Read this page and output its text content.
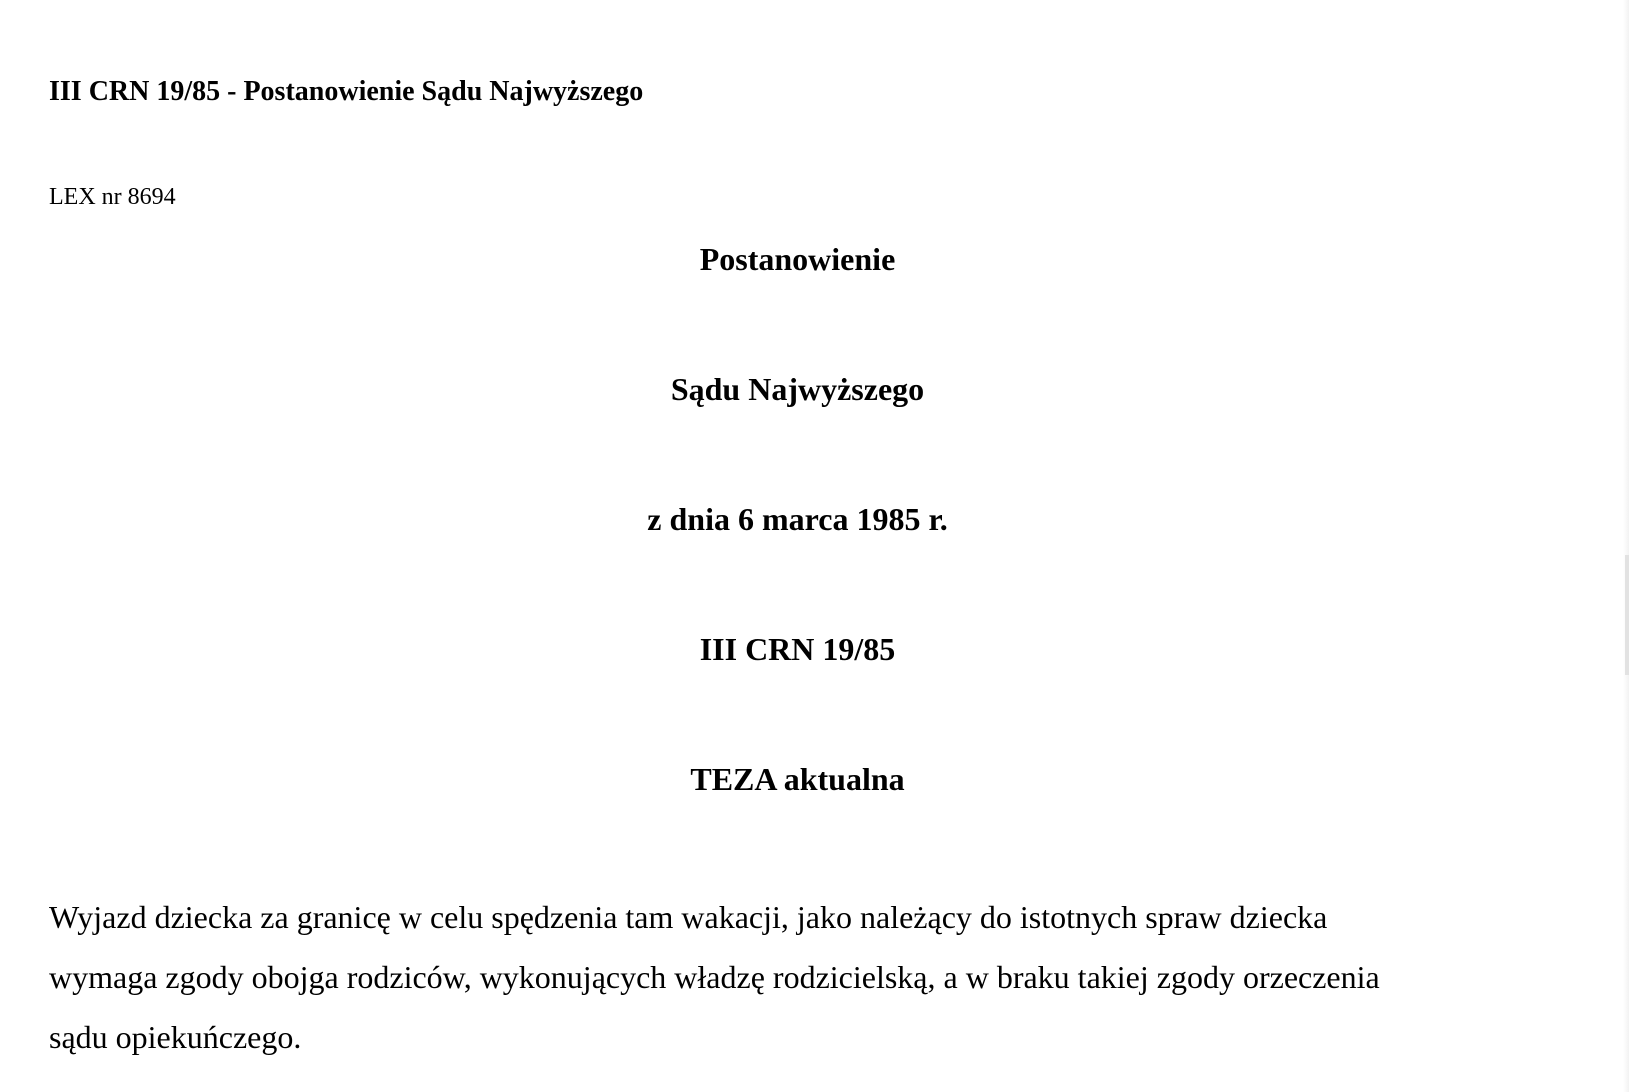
III CRN 19/85 - Postanowienie Sądu Najwyższego
LEX nr 8694
Postanowienie
Sądu Najwyższego
z dnia 6 marca 1985 r.
III CRN 19/85
TEZA aktualna
Wyjazd dziecka za granicę w celu spędzenia tam wakacji, jako należący do istotnych spraw dziecka
wymaga zgody obojga rodziców, wykonujących władzę rodzicielską, a w braku takiej zgody orzeczenia
sądu opiekuńczego.
